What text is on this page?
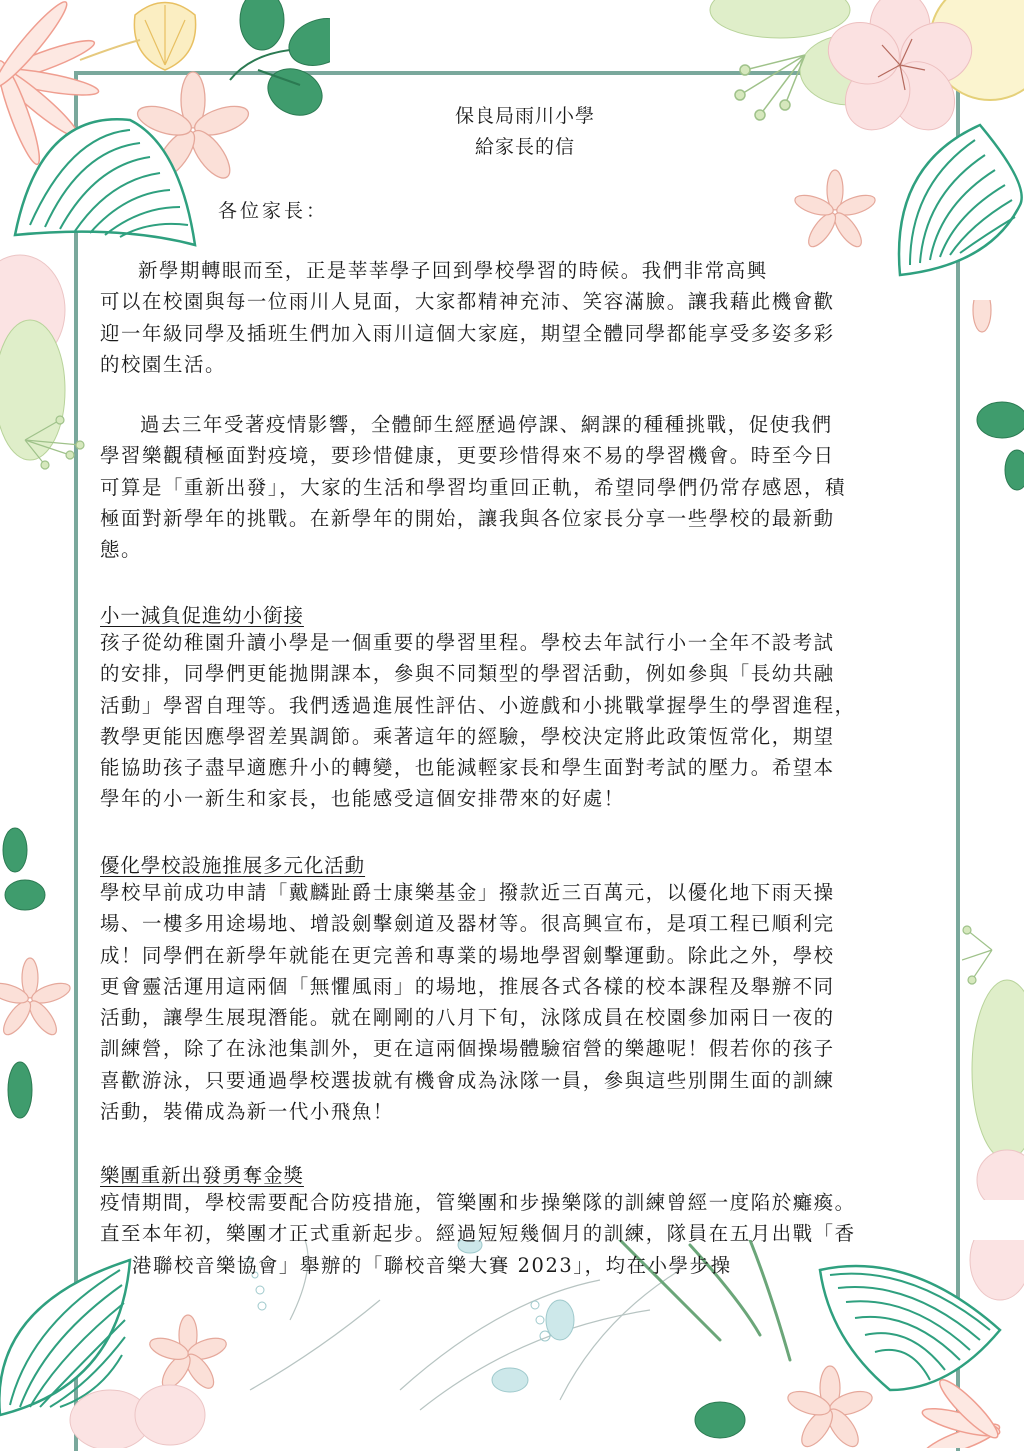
保良局雨川小學
給家長的信
各位家長：
新學期轉眼而至，正是莘莘學子回到學校學習的時候。我們非常高興
可以在校園與每一位雨川人見面，大家都精神充沛、笑容滿臉。讓我藉此機會歡
迎一年級同學及插班生們加入雨川這個大家庭，期望全體同學都能享受多姿多彩
的校園生活。
過去三年受著疫情影響，全體師生經歷過停課、網課的種種挑戰，促使我們
學習樂觀積極面對疫境，要珍惜健康，更要珍惜得來不易的學習機會。時至今日
可算是「重新出發」，大家的生活和學習均重回正軌，希望同學們仍常存感恩，積
極面對新學年的挑戰。在新學年的開始，讓我與各位家長分享一些學校的最新動
態。
小一減負促進幼小銜接
孩子從幼稚園升讀小學是一個重要的學習里程。學校去年試行小一全年不設考試
的安排，同學們更能拋開課本，參與不同類型的學習活動，例如參與「長幼共融
活動」學習自理等。我們透過進展性評估、小遊戲和小挑戰掌握學生的學習進程，
教學更能因應學習差異調節。乘著這年的經驗，學校決定將此政策恆常化，期望
能協助孩子盡早適應升小的轉變，也能減輕家長和學生面對考試的壓力。希望本
學年的小一新生和家長，也能感受這個安排帶來的好處！
優化學校設施推展多元化活動
學校早前成功申請「戴麟趾爵士康樂基金」撥款近三百萬元，以優化地下雨天操
場、一樓多用途場地、增設劍擊劍道及器材等。很高興宣布，是項工程已順利完
成！同學們在新學年就能在更完善和專業的場地學習劍擊運動。除此之外，學校
更會靈活運用這兩個「無懼風雨」的場地，推展各式各樣的校本課程及舉辦不同
活動，讓學生展現潛能。就在剛剛的八月下旬，泳隊成員在校園參加兩日一夜的
訓練營，除了在泳池集訓外，更在這兩個操場體驗宿營的樂趣呢！假若你的孩子
喜歡游泳，只要通過學校選拔就有機會成為泳隊一員，參與這些別開生面的訓練
活動，裝備成為新一代小飛魚！
樂團重新出發勇奪金獎
疫情期間，學校需要配合防疫措施，管樂團和步操樂隊的訓練曾經一度陷於癱瘓。
直至本年初，樂團才正式重新起步。經過短短幾個月的訓練，隊員在五月出戰「香
港聯校音樂協會」舉辦的「聯校音樂大賽 2023」，均在小學步操
